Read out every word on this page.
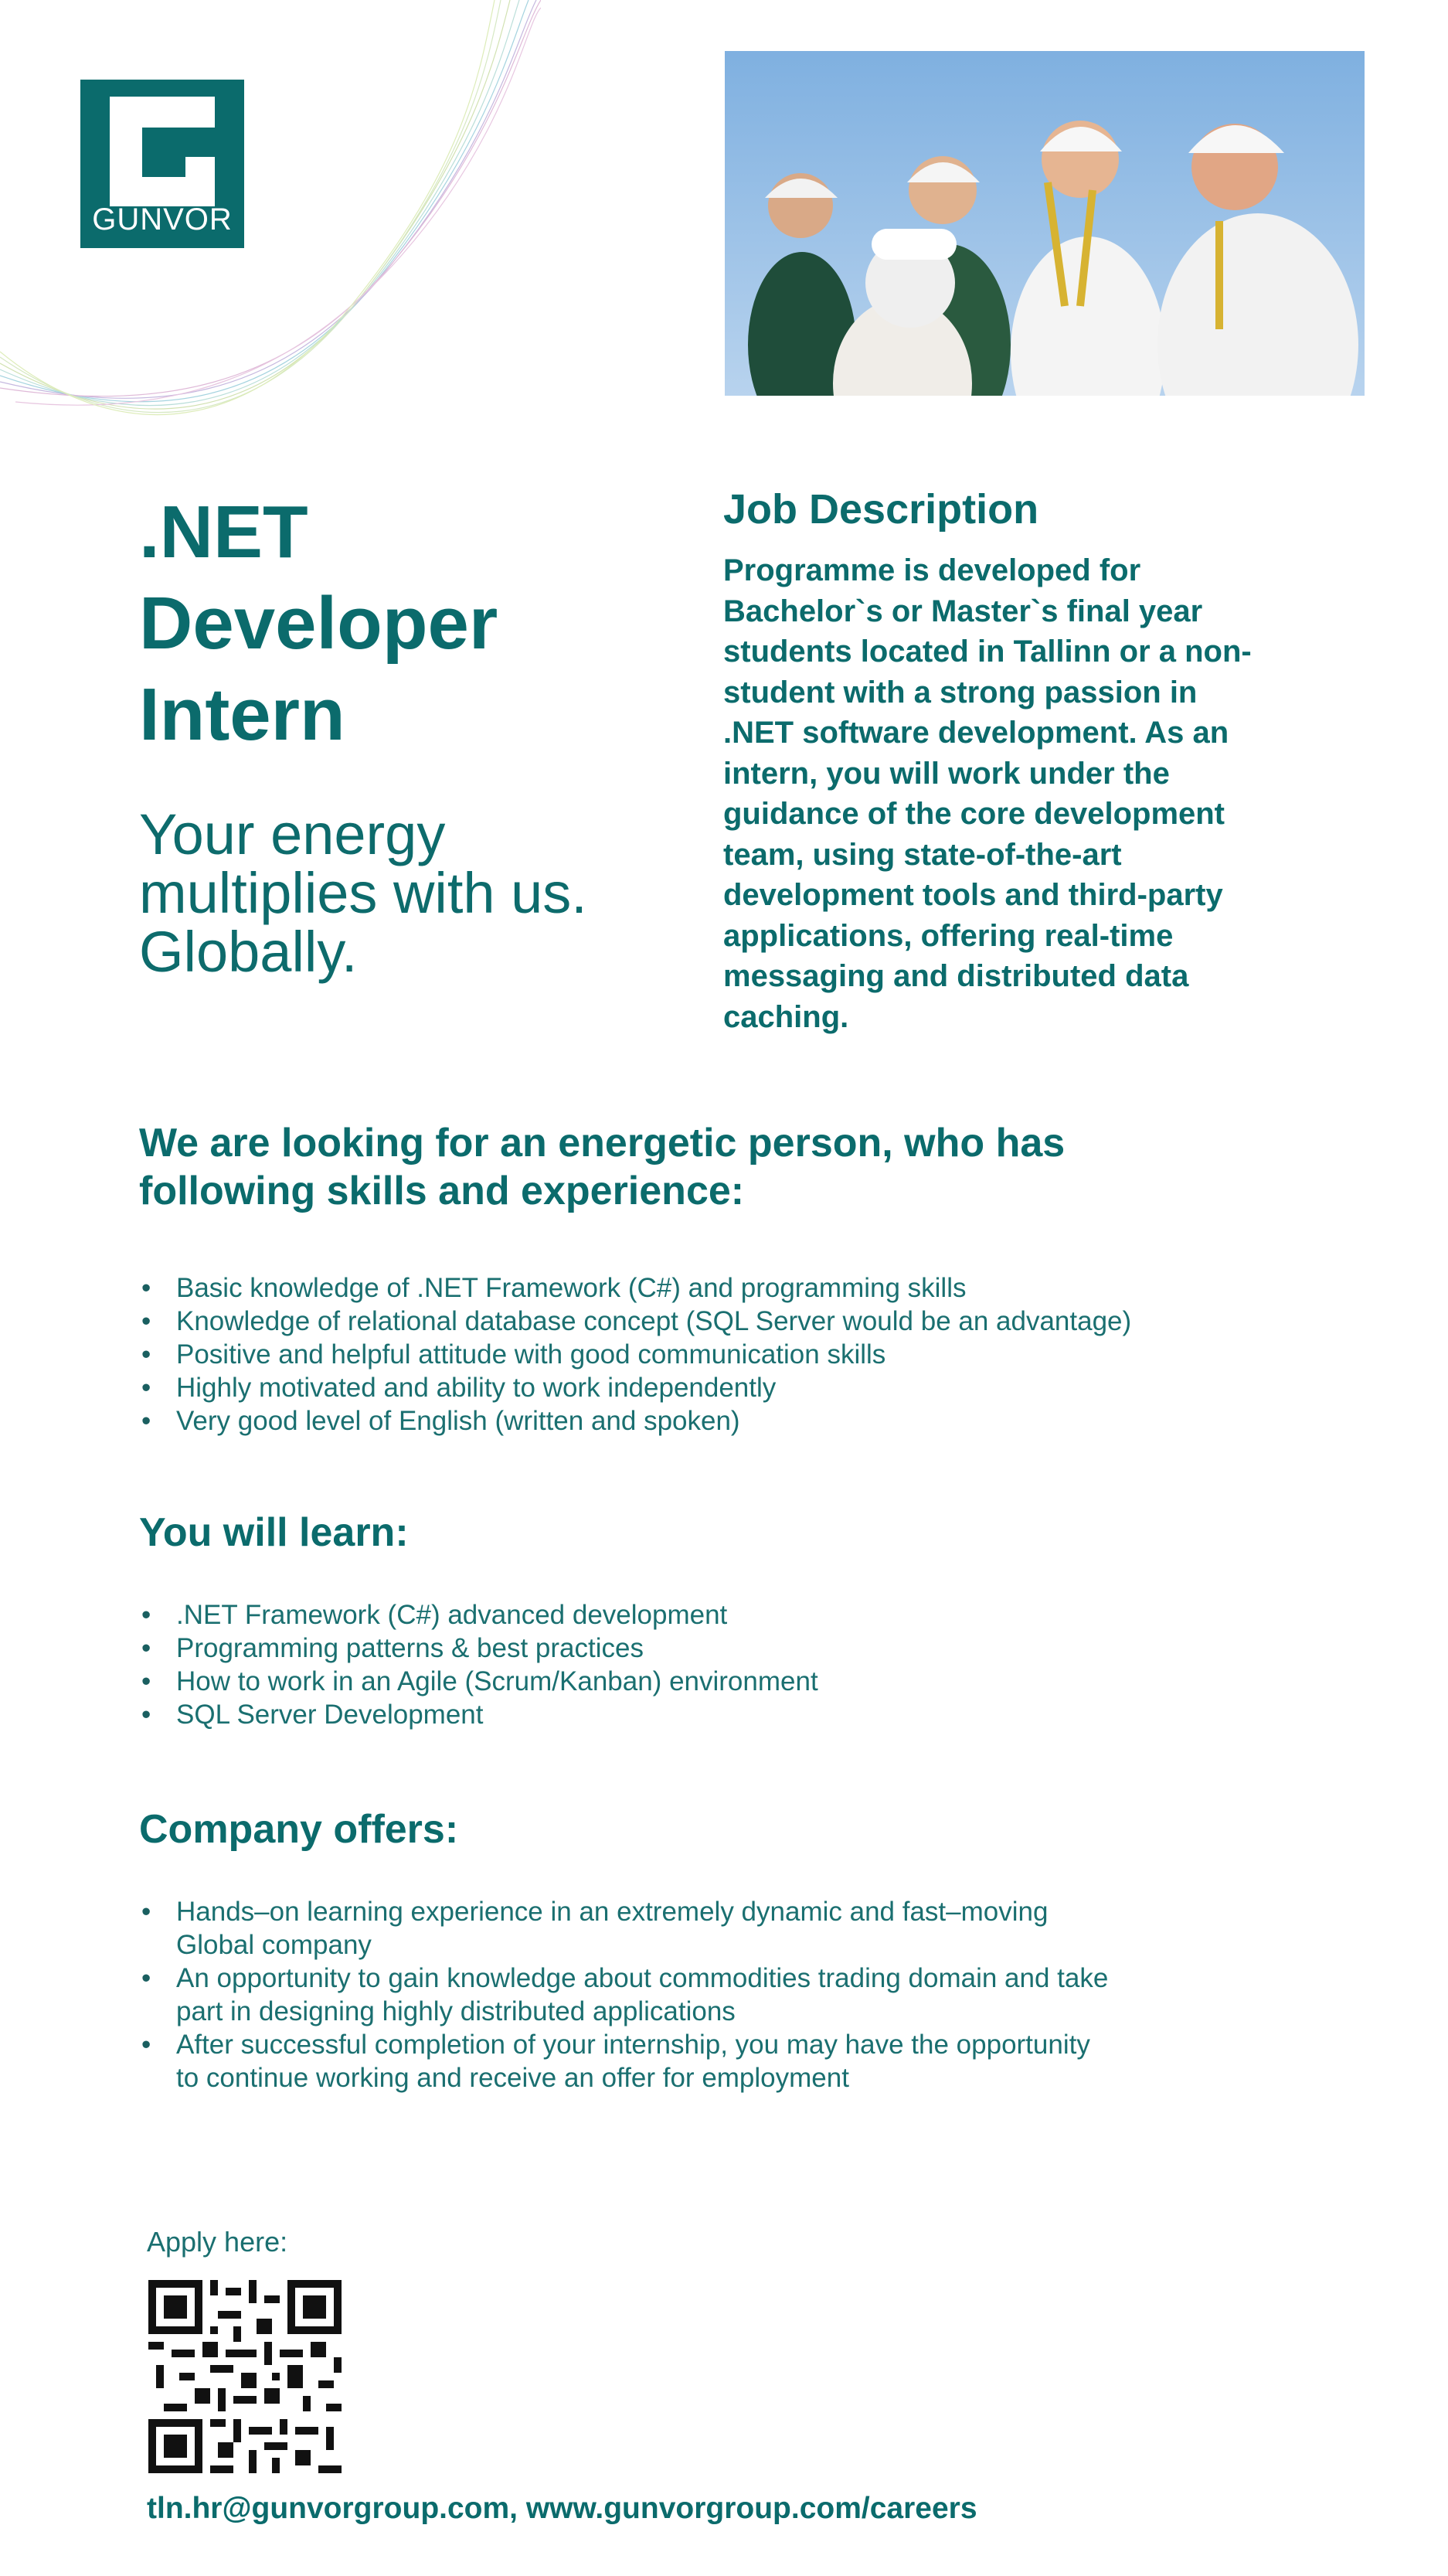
GUNVOR
.NET
Developer
Intern

Your energy
multiplies with us.
Globally.

Job Description

Programme is developed for Bachelor`s or Master`s final year students located in Tallinn or a non-student with a strong passion in .NET software development. As an intern, you will work under the guidance of the core development team, using state-of-the-art development tools and third-party applications, offering real-time messaging and distributed data caching.

We are looking for an energetic person, who has following skills and experience:
• Basic knowledge of .NET Framework (C#) and programming skills
• Knowledge of relational database concept (SQL Server would be an advantage)
• Positive and helpful attitude with good communication skills
• Highly motivated and ability to work independently
• Very good level of English (written and spoken)
You will learn:
• .NET Framework (C#) advanced development
• Programming patterns & best practices
• How to work in an Agile (Scrum/Kanban) environment
• SQL Server Development
Company offers:
• Hands–on learning experience in an extremely dynamic and fast–moving Global company
• An opportunity to gain knowledge about commodities trading domain and take part in designing highly distributed applications
• After successful completion of your internship, you may have the opportunity to continue working and receive an offer for employment
Apply here:
tln.hr@gunvorgroup.com, www.gunvorgroup.com/careers
